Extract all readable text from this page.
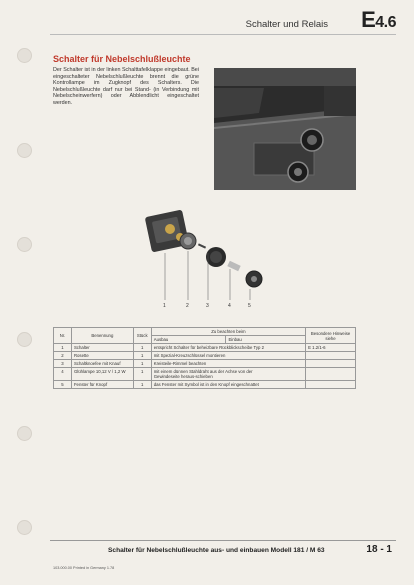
Schalter und Relais E4.6
Schalter für Nebelschlußleuchte
Der Schalter ist in der linken Schalttafelklappe eingebaut. Bei eingeschalteter Nebelschlußleuchte brennt die grüne Kontrollampe im Zugknopf des Schalters. Die Nebelschlußleuchte darf nur bei Stand- (in Verbindung mit Nebelscheinwerfern) oder Abblendlicht eingeschaltet werden.
1	2	3	4	5
Nr.	Benennung	Stück	Zu beachten beim		Besondere Hinweise siehe
			Ausbau	Einbau	
1	Schalter	1	entspricht Schalter für beheizbare Rückblickscheibe Typ 2		E 1.2/1-6
2	Rosette	1	mit Spezial-Kreuzschlüssel montieren		
3	Schaltknoefee mit Knauf	1	Kreisteile-Rimmel beachten		
4	Glühlampe 10,12 V / 1,2 W	1	mit einem dünnen Stahldraht aus der Achse von der Gewindeseite heraus-schieben		
5	Fenster für Knopf	1	das Fenster mit Symbol ist in den Knopf eingeschnattet		
Schalter für Nebelschlußleuchte aus- und einbauen Modell 181 / M 63	18 - 1
103.000.00 Printed in Germany 1.78
